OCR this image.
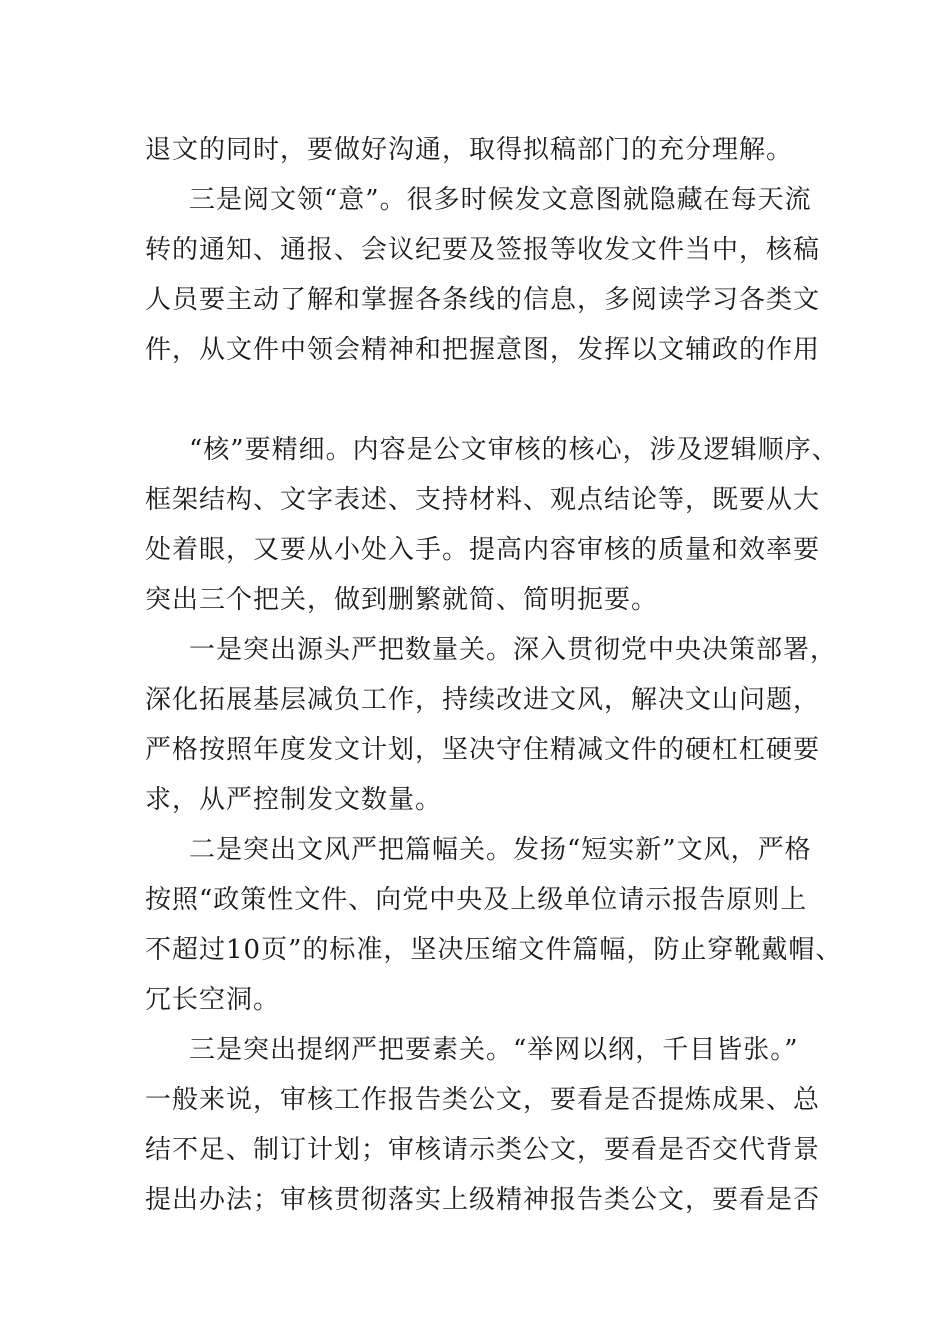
退文的同时，要做好沟通，取得拟稿部门的充分理解。
三是阅文领“意”。很多时候发文意图就隐藏在每天流
转的通知、通报、会议纪要及签报等收发文件当中，核稿
人员要主动了解和掌握各条线的信息，多阅读学习各类文
件，从文件中领会精神和把握意图，发挥以文辅政的作用
“核”要精细。内容是公文审核的核心，涉及逻辑顺序、
框架结构、文字表述、支持材料、观点结论等，既要从大
处着眼，又要从小处入手。提高内容审核的质量和效率要
突出三个把关，做到删繁就简、简明扼要。
一是突出源头严把数量关。深入贯彻党中央决策部署，
深化拓展基层减负工作，持续改进文风，解决文山问题，
严格按照年度发文计划，坚决守住精减文件的硬杠杠硬要
求，从严控制发文数量。
二是突出文风严把篇幅关。发扬“短实新”文风，严格
按照“政策性文件、向党中央及上级单位请示报告原则上
不超过10页”的标准，坚决压缩文件篇幅，防止穿靴戴帽、
冗长空洞。
三是突出提纲严把要素关。“举网以纲，千目皆张。”
一般来说，审核工作报告类公文，要看是否提炼成果、总
结不足、制订计划；审核请示类公文，要看是否交代背景
提出办法；审核贯彻落实上级精神报告类公文，要看是否
